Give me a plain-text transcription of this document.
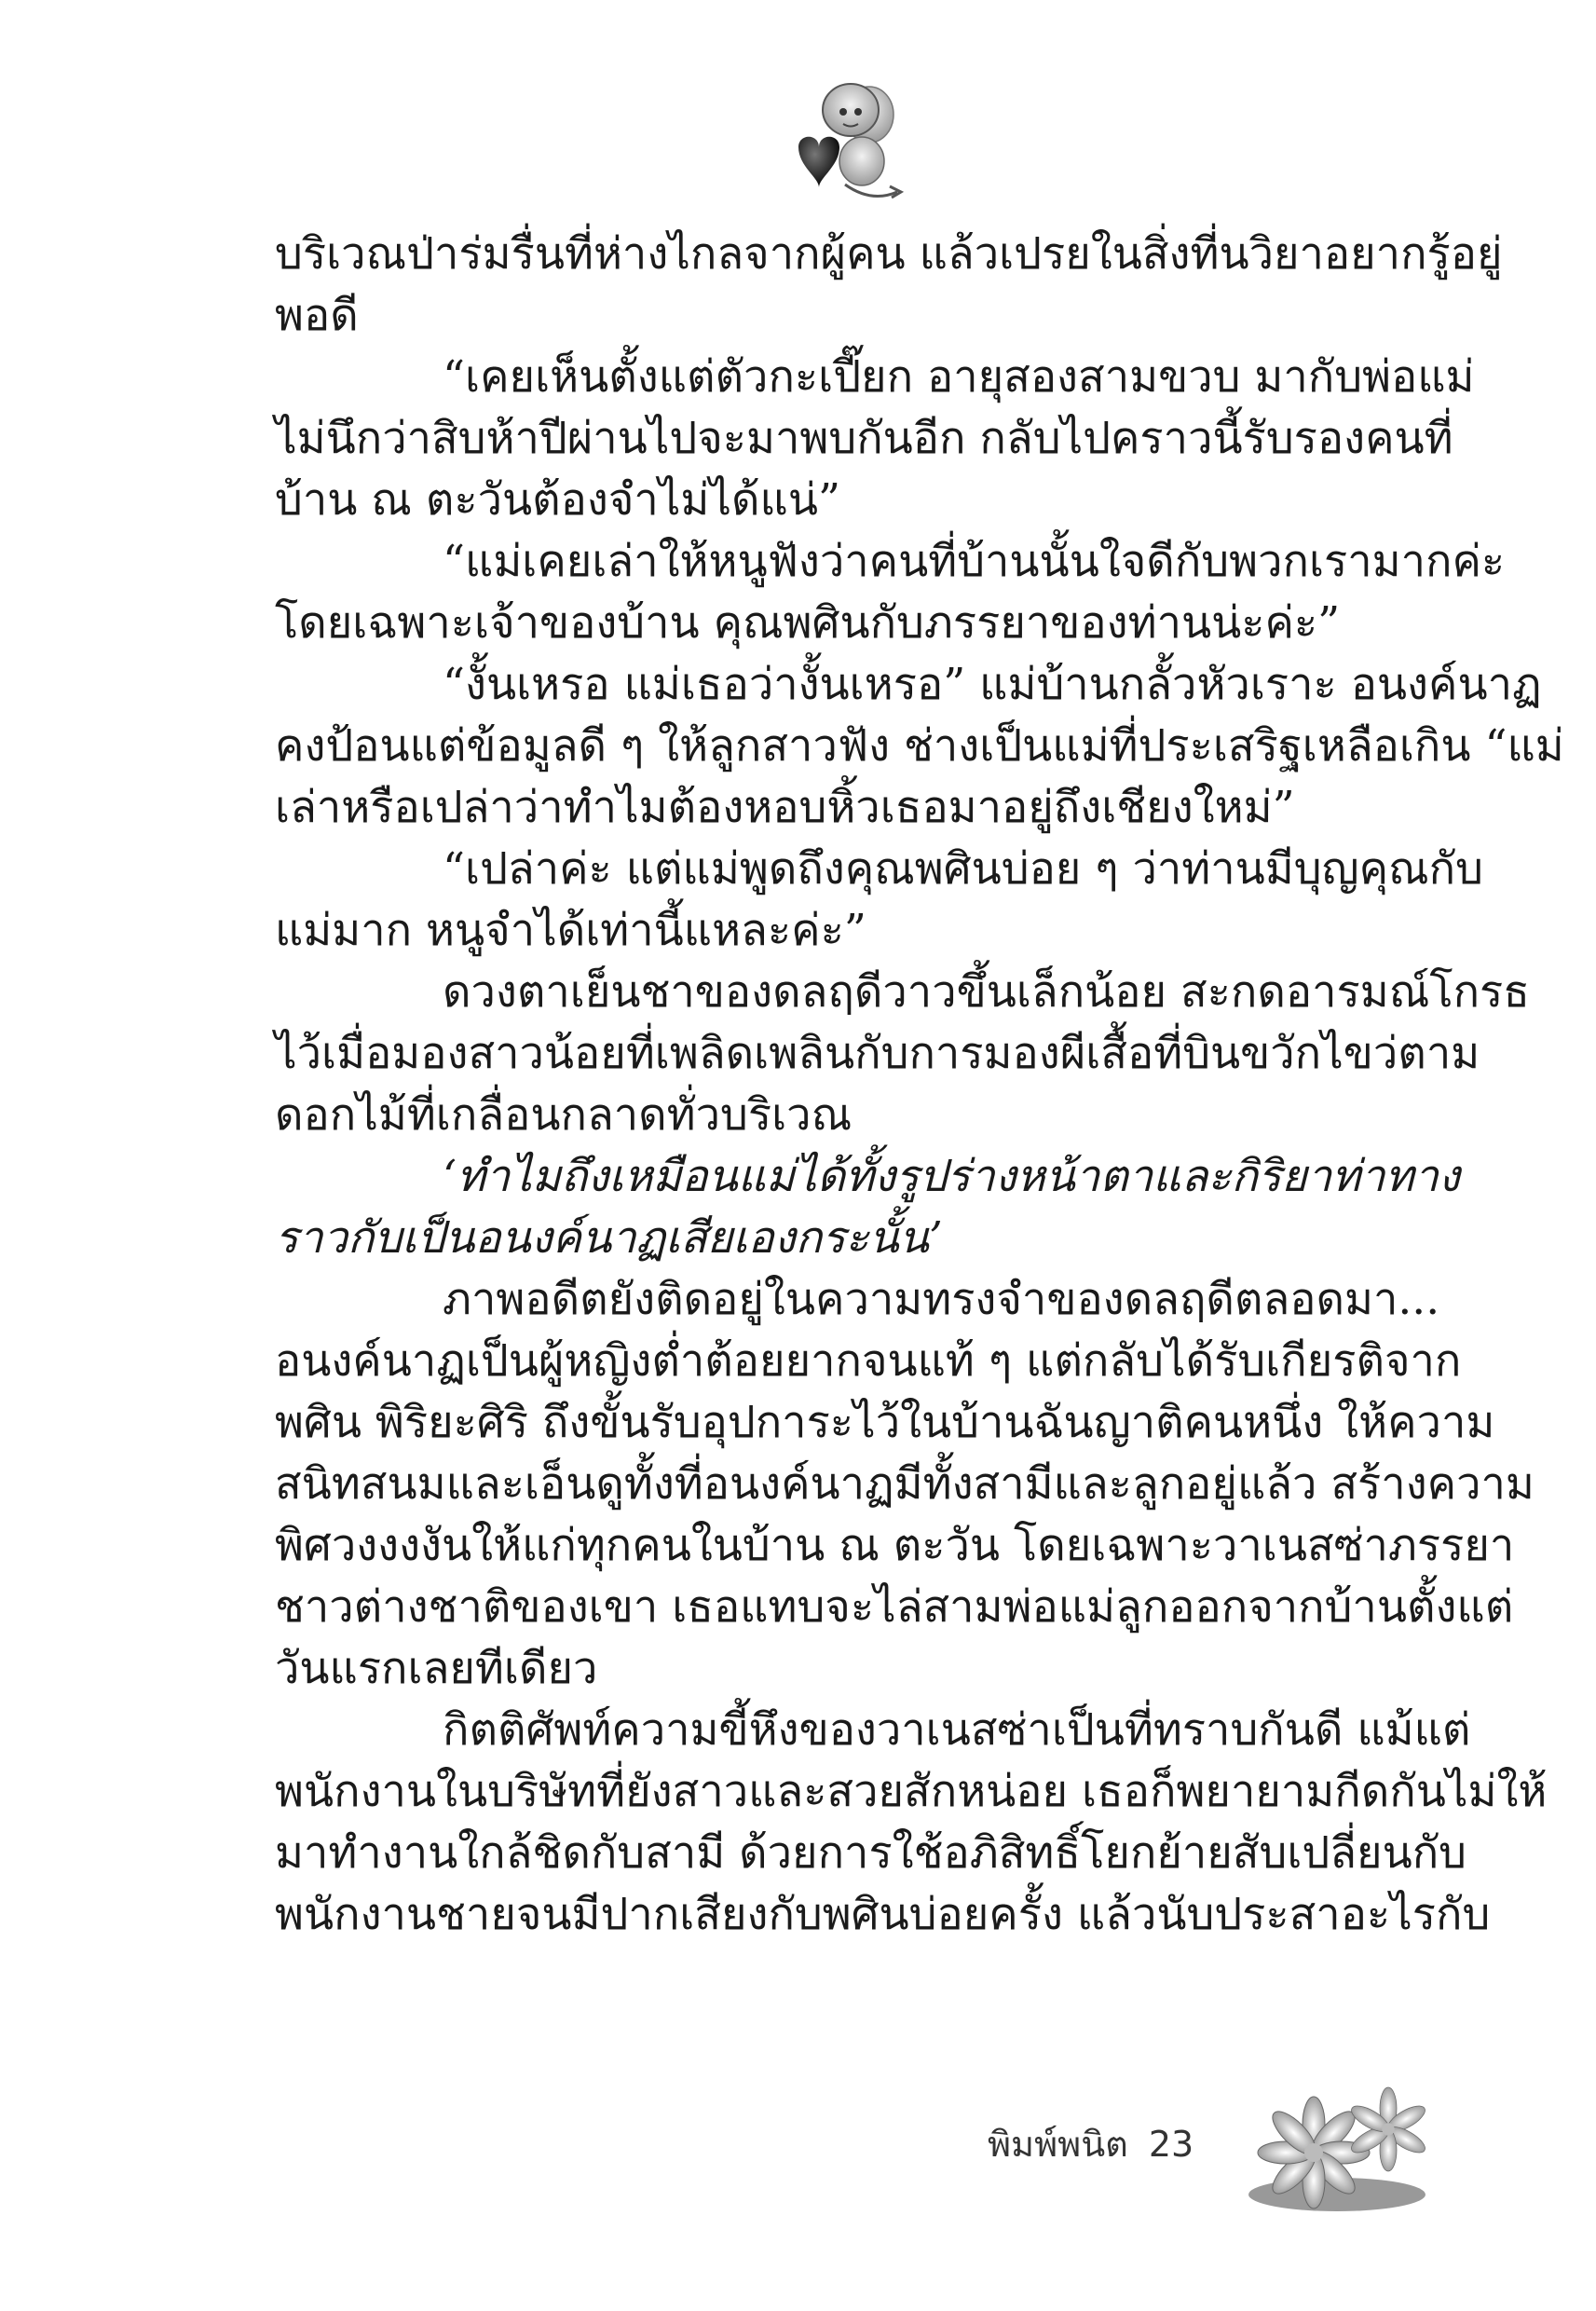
บริเวณป่าร่มรื่นที่ห่างไกลจากผู้คน แล้วเปรยในสิ่งที่นวิยาอยากรู้อยู่
พอดี

“เคยเห็นตั้งแต่ตัวกะเปี๊ยก อายุสองสามขวบ มากับพ่อแม่
ไม่นึกว่าสิบห้าปีผ่านไปจะมาพบกันอีก กลับไปคราวนี้รับรองคนที่
บ้าน ณ ตะวันต้องจำไม่ได้แน่”

“แม่เคยเล่าให้หนูฟังว่าคนที่บ้านนั้นใจดีกับพวกเรามากค่ะ
โดยเฉพาะเจ้าของบ้าน คุณพศินกับภรรยาของท่านน่ะค่ะ”

“งั้นเหรอ แม่เธอว่างั้นเหรอ” แม่บ้านกลั้วหัวเราะ อนงค์นาฏ
คงป้อนแต่ข้อมูลดี ๆ ให้ลูกสาวฟัง ช่างเป็นแม่ที่ประเสริฐเหลือเกิน “แม่
เล่าหรือเปล่าว่าทำไมต้องหอบหิ้วเธอมาอยู่ถึงเชียงใหม่”

“เปล่าค่ะ แต่แม่พูดถึงคุณพศินบ่อย ๆ ว่าท่านมีบุญคุณกับ
แม่มาก หนูจำได้เท่านี้แหละค่ะ”

ดวงตาเย็นชาของดลฤดีวาวขึ้นเล็กน้อย สะกดอารมณ์โกรธ
ไว้เมื่อมองสาวน้อยที่เพลิดเพลินกับการมองผีเสื้อที่บินขวักไขว่ตาม
ดอกไม้ที่เกลื่อนกลาดทั่วบริเวณ

‘ทำไมถึงเหมือนแม่ได้ทั้งรูปร่างหน้าตาและกิริยาท่าทาง
ราวกับเป็นอนงค์นาฏเสียเองกระนั้น’

ภาพอดีตยังติดอยู่ในความทรงจำของดลฤดีตลอดมา...
อนงค์นาฏเป็นผู้หญิงต่ำต้อยยากจนแท้ ๆ แต่กลับได้รับเกียรติจาก
พศิน พิริยะศิริ ถึงขั้นรับอุปการะไว้ในบ้านฉันญาติคนหนึ่ง ให้ความ
สนิทสนมและเอ็นดูทั้งที่อนงค์นาฏมีทั้งสามีและลูกอยู่แล้ว สร้างความ
พิศวงงงงันให้แก่ทุกคนในบ้าน ณ ตะวัน โดยเฉพาะวาเนสซ่าภรรยา
ชาวต่างชาติของเขา เธอแทบจะไล่สามพ่อแม่ลูกออกจากบ้านตั้งแต่
วันแรกเลยทีเดียว

กิตติศัพท์ความขี้หึงของวาเนสซ่าเป็นที่ทราบกันดี แม้แต่
พนักงานในบริษัทที่ยังสาวและสวยสักหน่อย เธอก็พยายามกีดกันไม่ให้
มาทำงานใกล้ชิดกับสามี ด้วยการใช้อภิสิทธิ์โยกย้ายสับเปลี่ยนกับ
พนักงานชายจนมีปากเสียงกับพศินบ่อยครั้ง แล้วนับประสาอะไรกับ

พิมพ์พนิต 23
